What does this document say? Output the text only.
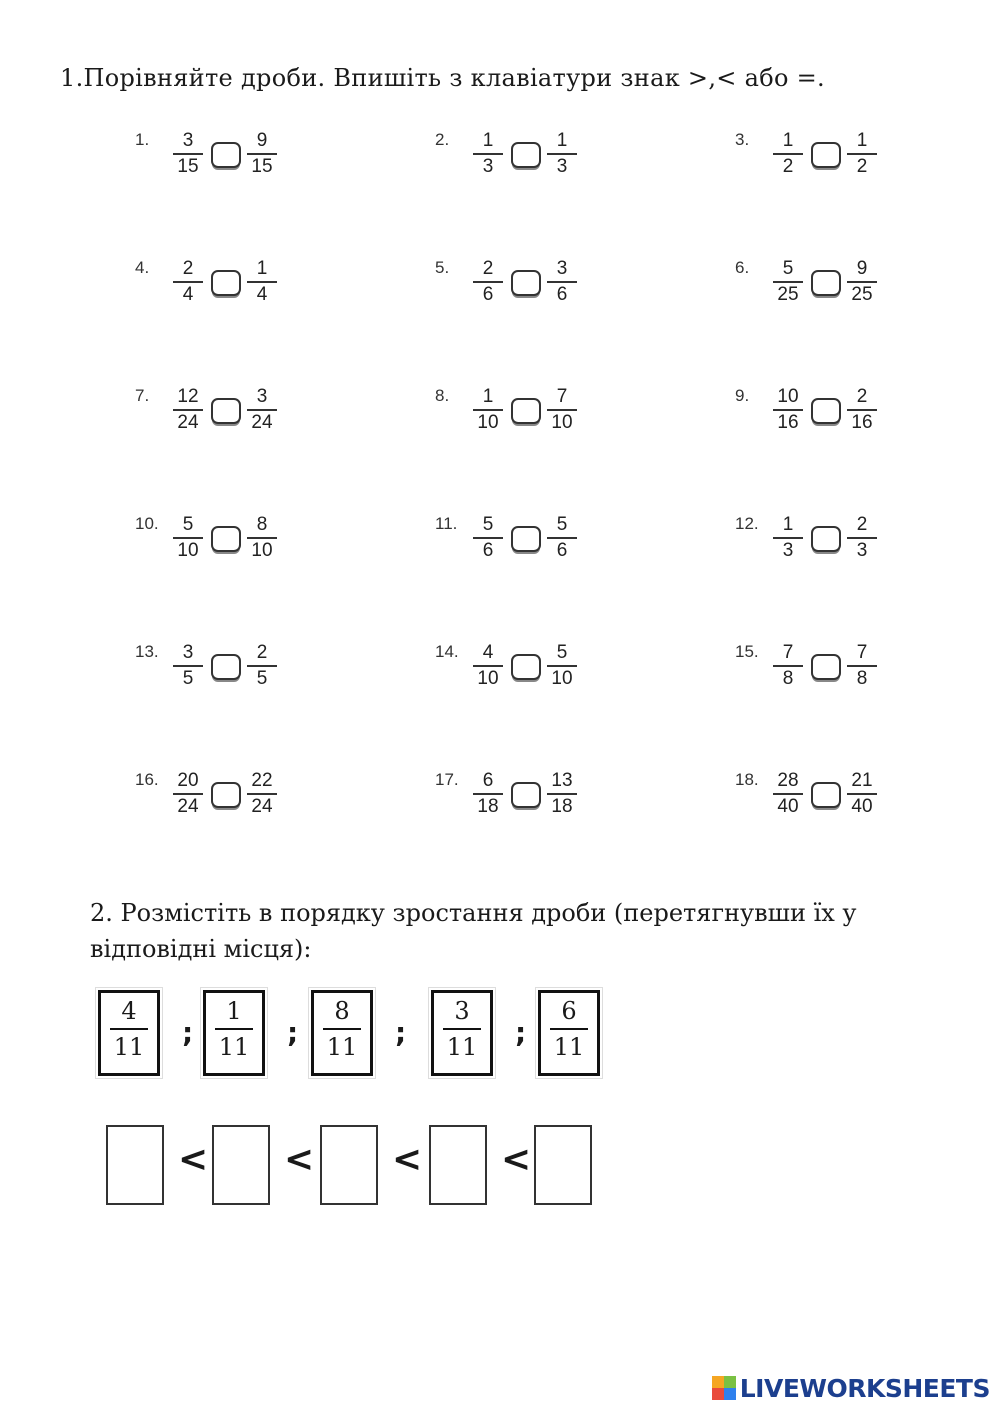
1.Порівняйте дроби. Впишіть з клавіатури знак >,< або =.
1. $\frac{3}{15} \frac{9}{15}$	2. $\frac{1}{3} \frac{1}{3}$	3. $\frac{1}{2} \frac{1}{2}$
4. $\frac{2}{4} \frac{1}{4}$	5. $\frac{2}{6} \frac{3}{6}$	6. $\frac{5}{25} \frac{9}{25}$
7. $\frac{12}{24} \frac{3}{24}$	8. $\frac{1}{10} \frac{7}{10}$	9. $\frac{10}{16} \frac{2}{16}$
10. $\frac{5}{10} \frac{8}{10}$	11. $\frac{5}{6} \frac{5}{6}$	12. $\frac{1}{3} \frac{2}{3}$
13. $\frac{3}{5} \frac{2}{5}$	14. $\frac{4}{10} \frac{5}{10}$	15. $\frac{7}{8} \frac{7}{8}$
16. $\frac{20}{24} \frac{22}{24}$	17. $\frac{6}{18} \frac{13}{18}$	18. $\frac{28}{40} \frac{21}{40}$
2. Розмістіть в порядку зростання дроби (перетягнувши їх у
відповідні місця):
$\frac{4}{11}$ ; $\frac{1}{11}$ ; $\frac{8}{11}$ ; $\frac{3}{11}$ ; $\frac{6}{11}$
< < < <
LIVEWORKSHEETS
